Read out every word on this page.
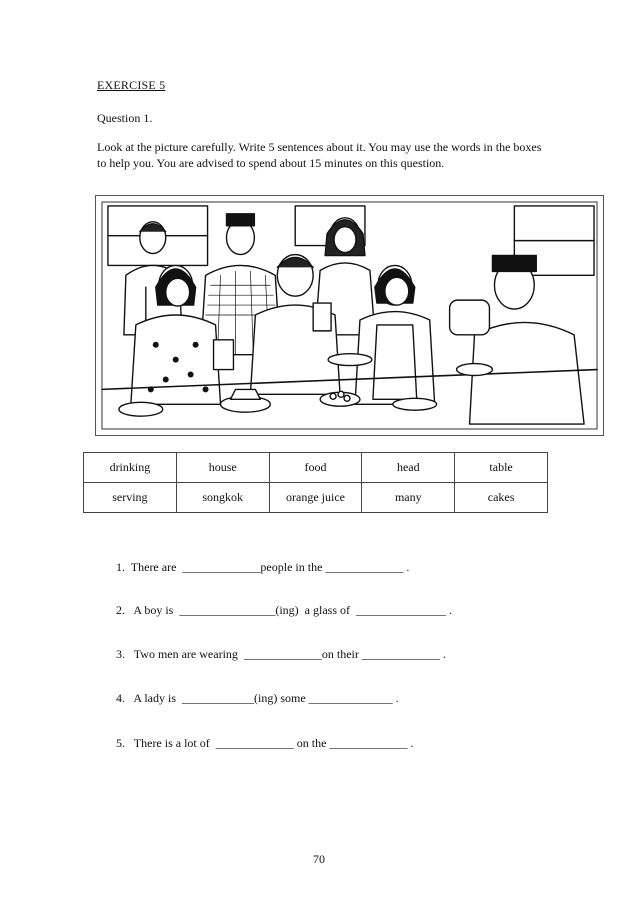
EXERCISE 5
Question 1.
Look at the picture carefully. Write 5 sentences about it. You may use the words in the boxes to help you. You are advised to spend about 15 minutes on this question.
drinking	house	food	head	table
serving	songkok	orange juice	many	cakes
1.  There are  _____________people in the _____________ .
2.   A boy is  ________________(ing)  a glass of  _______________ .
3.   Two men are wearing  _____________on their _____________ .
4.   A lady is  ____________(ing) some ______________ .
5.   There is a lot of  _____________ on the _____________ .
70
